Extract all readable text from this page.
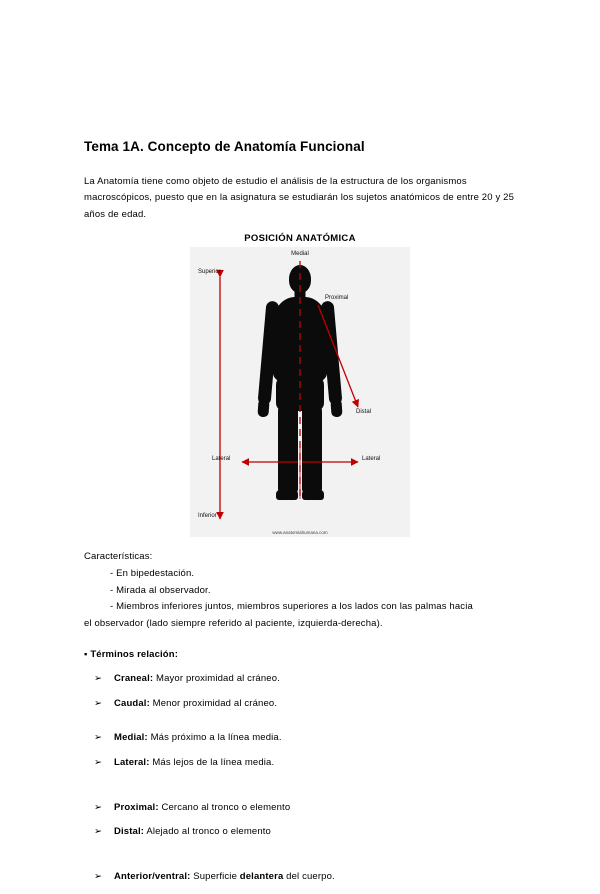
Tema 1A. Concepto de Anatomía Funcional

La Anatomía tiene como objeto de estudio el análisis de la estructura de los organismos macroscópicos, puesto que en la asignatura se estudiarán los sujetos anatómicos de entre 20 y 25 años de edad.

POSICIÓN ANATÓMICA
Medial
Superior
Proximal
Distal
Lateral	Lateral
Inferior
www.anatomiahumana.com

Características:

- En bipedestación.

- Mirada al observador.

- Miembros inferiores juntos, miembros superiores a los lados con las palmas hacia

el observador (lado siempre referido al paciente, izquierda-derecha).

▪ Términos relación:

➢ Craneal: Mayor proximidad al cráneo.

➢ Caudal: Menor proximidad al cráneo.

➢ Medial: Más próximo a la línea media.

➢ Lateral: Más lejos de la línea media.

➢ Proximal: Cercano al tronco o elemento

➢ Distal: Alejado al tronco o elemento

➢ Anterior/ventral: Superficie delantera del cuerpo.
